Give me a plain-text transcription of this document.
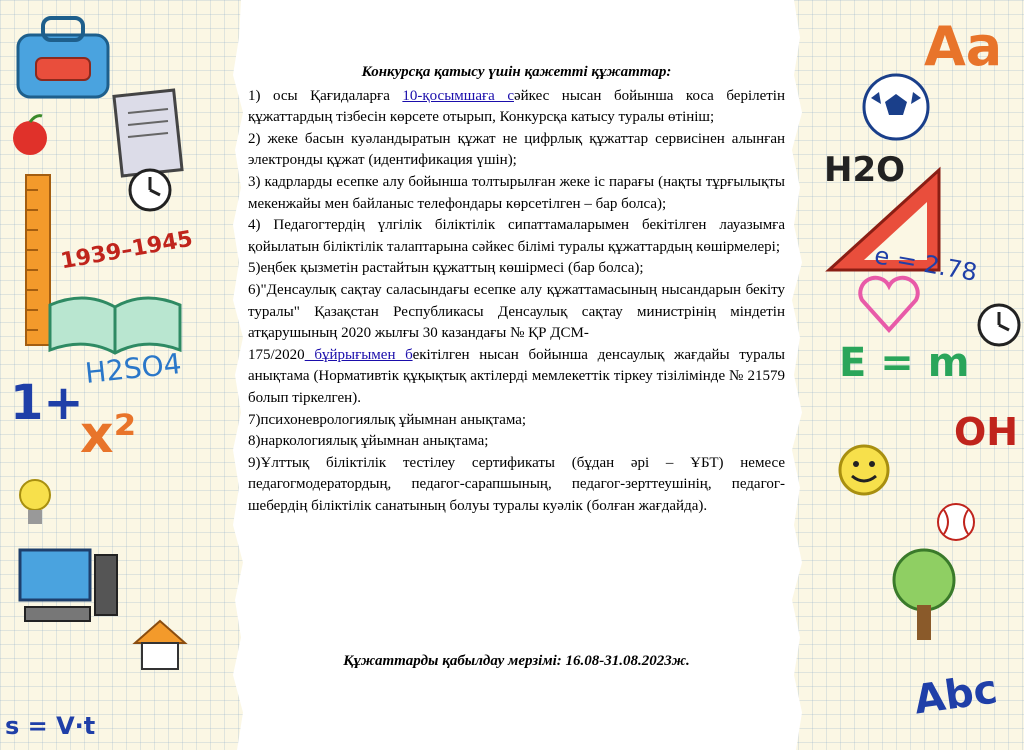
1939–1945
H2SO4
1+
x²
s = V·t
Аа
H2O
e = 2.78
E = m
OH
Abc
Конкурсқа қатысу үшін қажетті құжаттар:

1) осы Қағидаларға 10-қосымшаға сәйкес нысан бойынша коса берілетін құжаттардың тізбесін көрсете отырып, Конкурсқа катысу туралы өтініш;

2) жеке басын куәландыратын құжат не цифрлық құжаттар сервисінен алынған электронды құжат (идентификация үшін);

3) кадрларды есепке алу бойынша толтырылған жеке іс парағы (нақты тұрғылықты мекенжайы мен байланыс телефондары көрсетілген – бар болса);

4) Педагогтердің үлгілік біліктілік сипаттамаларымен бекітілген лауазымға қойылатын біліктілік талаптарына сәйкес білімі туралы құжаттардың көшірмелері;

5)еңбек қызметін растайтын құжаттың көшірмесі (бар болса);

6)"Денсаулық сақтау саласындағы есепке алу құжаттамасының нысандарын бекіту туралы" Қазақстан Республикасы Денсаулық сақтау министрінің міндетін атқарушының 2020 жылғы 30 казандағы № ҚР ДСМ-

175/2020 бұйрығымен бекітілген нысан бойынша денсаулық жағдайы туралы анықтама (Нормативтік құқықтық актілерді мемлекеттік тіркеу тізілімінде № 21579 болып тіркелген).

7)психоневрологиялық ұйымнан анықтама;

8)наркологиялық ұйымнан анықтама;

9)Ұлттық біліктілік тестілеу сертификаты (бұдан әрі – ҰБТ) немесе педагогмодератордың, педагог-сарапшының, педагог-зерттеушінің, педагог-шебердің біліктілік санатының болуы туралы куәлік (болған жағдайда).

Құжаттарды қабылдау мерзімі: 16.08-31.08.2023ж.
